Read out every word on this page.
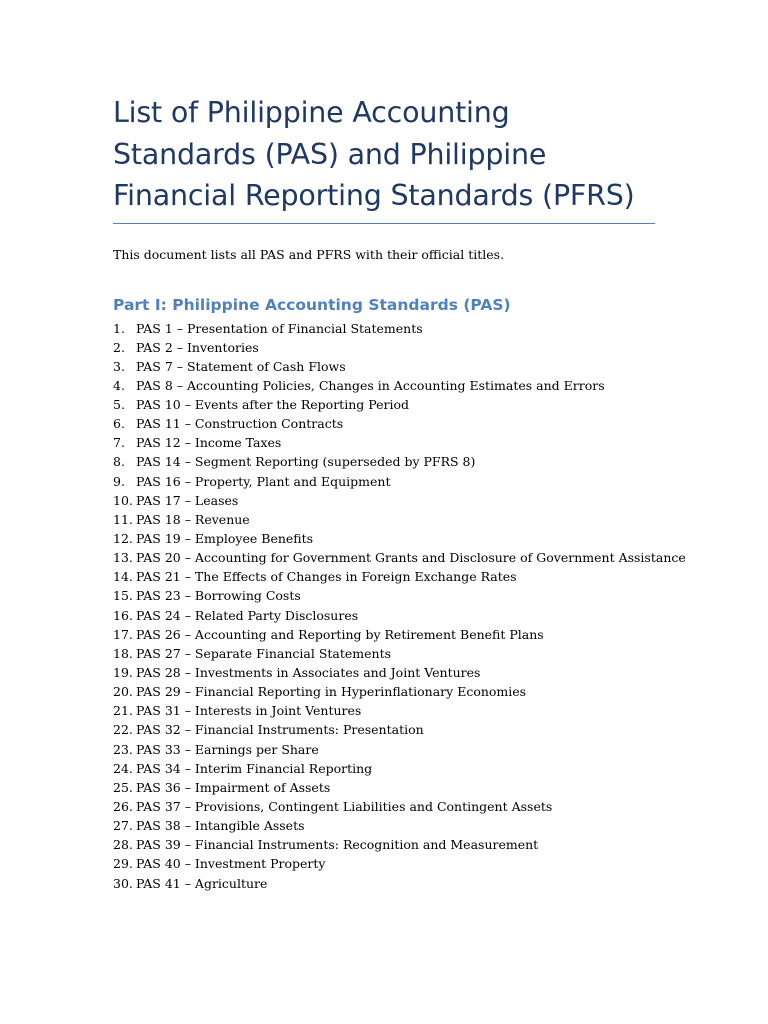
List of Philippine Accounting Standards (PAS) and Philippine Financial Reporting Standards (PFRS)

This document lists all PAS and PFRS with their official titles.

Part I: Philippine Accounting Standards (PAS)
1. PAS 1 – Presentation of Financial Statements
2. PAS 2 – Inventories
3. PAS 7 – Statement of Cash Flows
4. PAS 8 – Accounting Policies, Changes in Accounting Estimates and Errors
5. PAS 10 – Events after the Reporting Period
6. PAS 11 – Construction Contracts
7. PAS 12 – Income Taxes
8. PAS 14 – Segment Reporting (superseded by PFRS 8)
9. PAS 16 – Property, Plant and Equipment
10. PAS 17 – Leases
11. PAS 18 – Revenue
12. PAS 19 – Employee Benefits
13. PAS 20 – Accounting for Government Grants and Disclosure of Government Assistance
14. PAS 21 – The Effects of Changes in Foreign Exchange Rates
15. PAS 23 – Borrowing Costs
16. PAS 24 – Related Party Disclosures
17. PAS 26 – Accounting and Reporting by Retirement Benefit Plans
18. PAS 27 – Separate Financial Statements
19. PAS 28 – Investments in Associates and Joint Ventures
20. PAS 29 – Financial Reporting in Hyperinflationary Economies
21. PAS 31 – Interests in Joint Ventures
22. PAS 32 – Financial Instruments: Presentation
23. PAS 33 – Earnings per Share
24. PAS 34 – Interim Financial Reporting
25. PAS 36 – Impairment of Assets
26. PAS 37 – Provisions, Contingent Liabilities and Contingent Assets
27. PAS 38 – Intangible Assets
28. PAS 39 – Financial Instruments: Recognition and Measurement
29. PAS 40 – Investment Property
30. PAS 41 – Agriculture
